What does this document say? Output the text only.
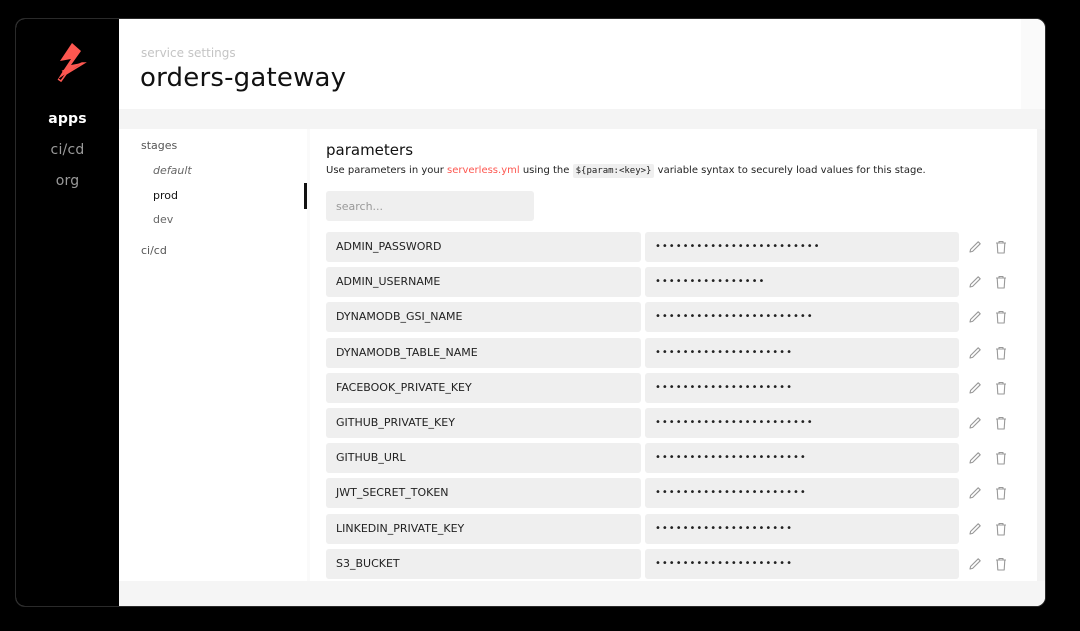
apps
ci/cd
org
service settings
orders-gateway
stages
default
prod
dev
ci/cd
parameters
Use parameters in your serverless.yml using the ${param:<key>} variable syntax to securely load values for this stage.
search...
ADMIN_PASSWORD	••••••••••••••••••••••••
ADMIN_USERNAME	••••••••••••••••
DYNAMODB_GSI_NAME	•••••••••••••••••••••••
DYNAMODB_TABLE_NAME	••••••••••••••••••••
FACEBOOK_PRIVATE_KEY	••••••••••••••••••••
GITHUB_PRIVATE_KEY	•••••••••••••••••••••••
GITHUB_URL	••••••••••••••••••••••
JWT_SECRET_TOKEN	••••••••••••••••••••••
LINKEDIN_PRIVATE_KEY	••••••••••••••••••••
S3_BUCKET	••••••••••••••••••••
